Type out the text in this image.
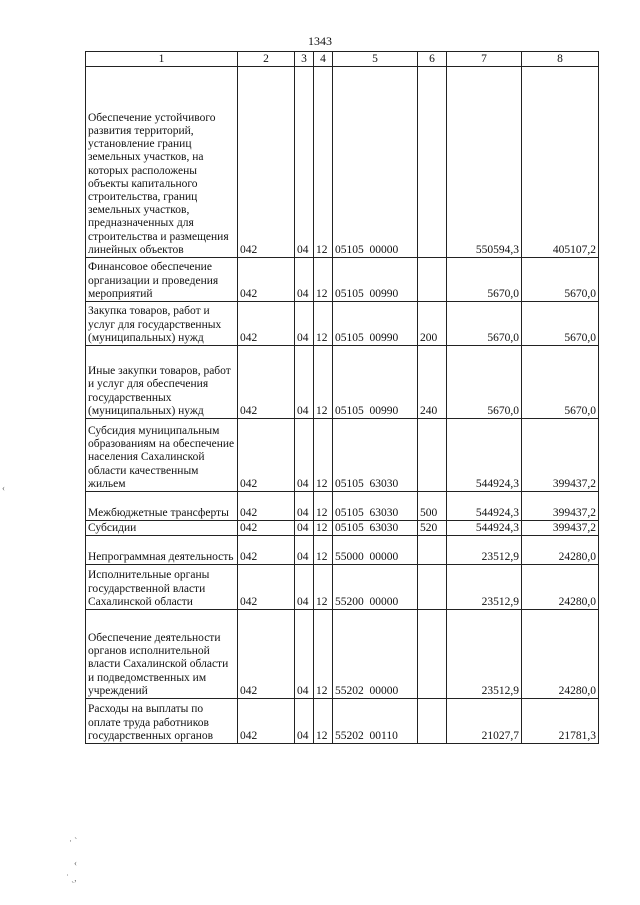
1343
1	2	3	4	5	6	7	8
Обеспечение устойчивого развития территорий, установление границ земельных участков, на которых расположены объекты капитального строительства, границ земельных участков, предназначенных для строительства и размещения линейных объектов	042	04	12	05105  00000		550594,3	405107,2
Финансовое обеспечение организации и проведения мероприятий	042	04	12	05105  00990		5670,0	5670,0
Закупка товаров, работ и услуг для государственных (муниципальных) нужд	042	04	12	05105  00990	200	5670,0	5670,0
Иные закупки товаров, работ и услуг для обеспечения государственных (муниципальных) нужд	042	04	12	05105  00990	240	5670,0	5670,0
Субсидия муниципальным образованиям на обеспечение населения Сахалинской области качественным жильем	042	04	12	05105  63030		544924,3	399437,2
Межбюджетные трансферты	042	04	12	05105  63030	500	544924,3	399437,2
Субсидии	042	04	12	05105  63030	520	544924,3	399437,2
Непрограммная деятельность	042	04	12	55000  00000		23512,9	24280,0
Исполнительные органы государственной власти Сахалинской области	042	04	12	55200  00000		23512,9	24280,0
Обеспечение деятельности органов исполнительной власти Сахалинской области и подведомственных им учреждений	042	04	12	55202  00000		23512,9	24280,0
Расходы на выплаты по оплате труда работников государственных органов	042	04	12	55202  00110		21027,7	21781,3
· ˋ
‹
˙ ˏ,
‹
